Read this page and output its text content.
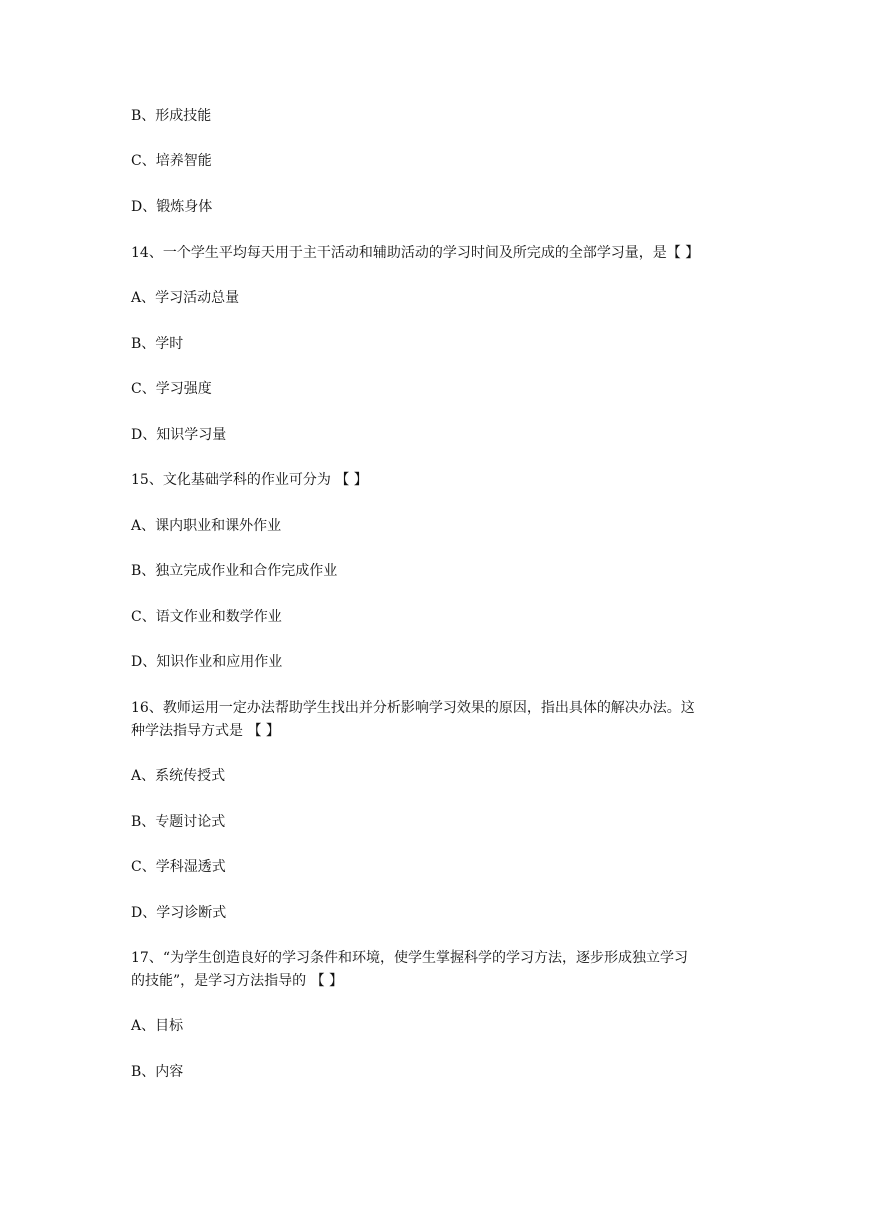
B、形成技能
C、培养智能
D、锻炼身体
14、一个学生平均每天用于主干活动和辅助活动的学习时间及所完成的全部学习量，是【 】
A、学习活动总量
B、学时
C、学习强度
D、知识学习量
15、文化基础学科的作业可分为 【 】
A、课内职业和课外作业
B、独立完成作业和合作完成作业
C、语文作业和数学作业
D、知识作业和应用作业
16、教师运用一定办法帮助学生找出并分析影响学习效果的原因，指出具体的解决办法。这
种学法指导方式是 【 】
A、系统传授式
B、专题讨论式
C、学科湿透式
D、学习诊断式
17、“为学生创造良好的学习条件和环境，使学生掌握科学的学习方法，逐步形成独立学习
的技能”，是学习方法指导的 【 】
A、目标
B、内容
